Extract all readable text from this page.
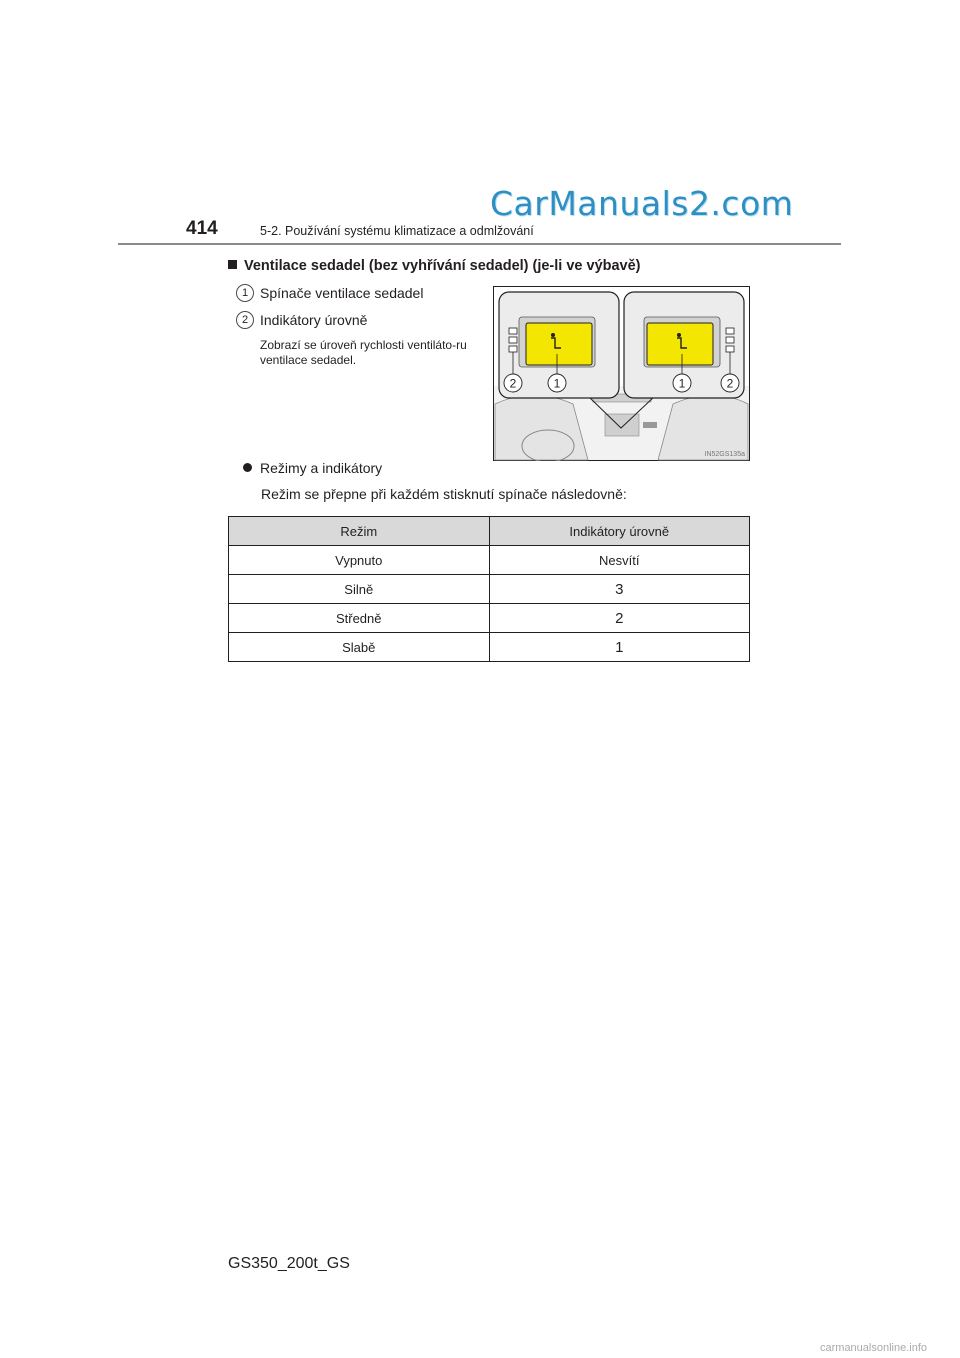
CarManuals2.com
414	5-2. Používání systému klimatizace a odmlžování
Ventilace sedadel (bez vyhřívání sedadel) (je-li ve výbavě)
1 Spínače ventilace sedadel
2 Indikátory úrovně
Zobrazí se úroveň rychlosti ventiláto-ru ventilace sedadel.
2	1	1	2
IN52GS135a
Režimy a indikátory
Režim se přepne při každém stisknutí spínače následovně:
Režim	Indikátory úrovně
Vypnuto	Nesvítí
Silně	3
Středně	2
Slabě	1
GS350_200t_GS
carmanualsonline.info
